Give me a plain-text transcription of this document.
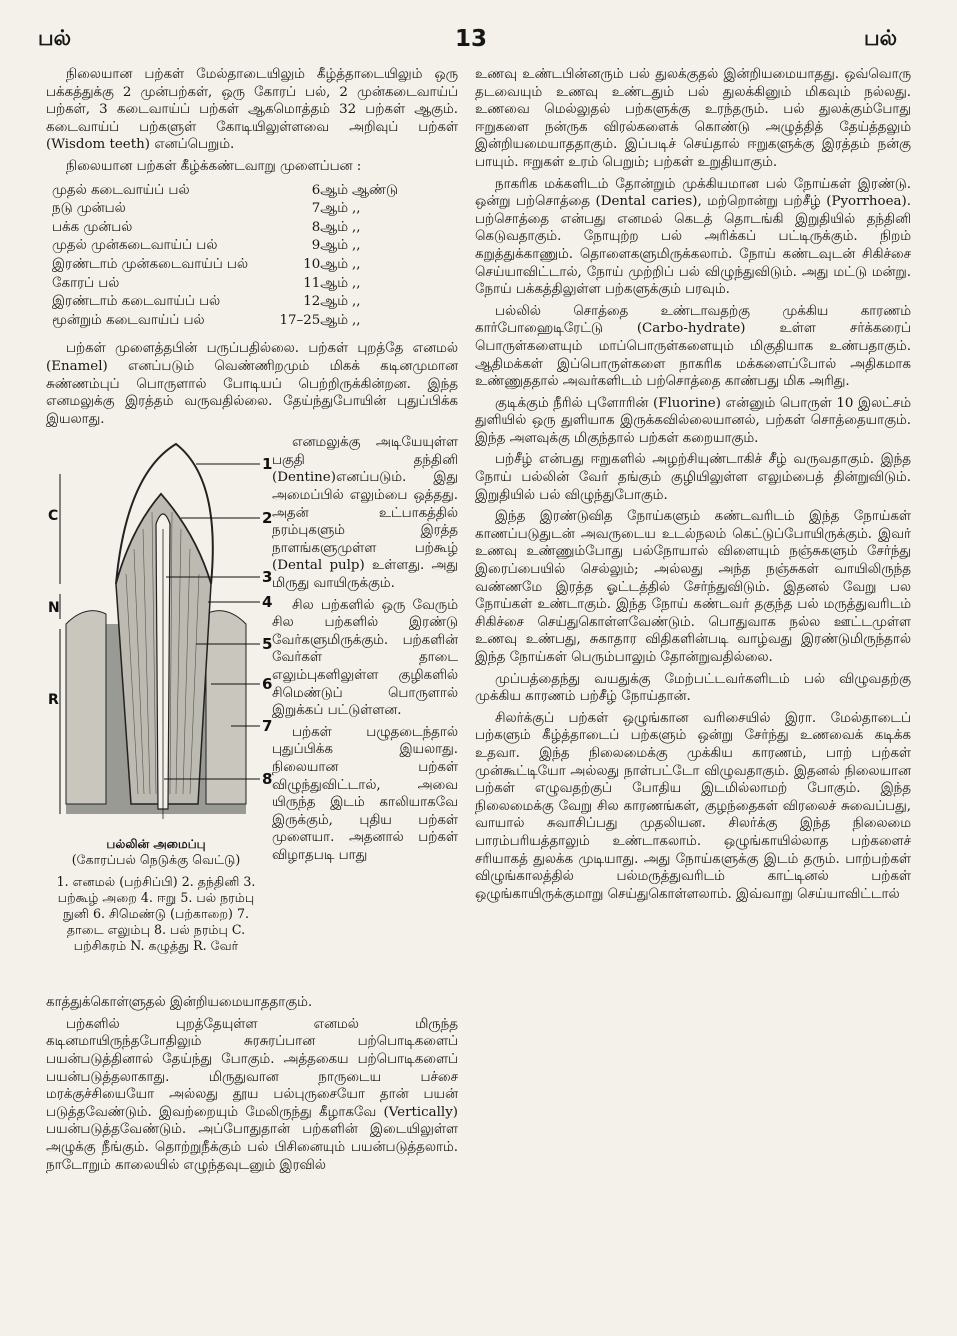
பல்	13	பல்

நிலையான பற்கள் மேல்தாடையிலும் கீழ்த்தாடையிலும் ஒரு பக்கத்துக்கு 2 முன்பற்கள், ஒரு கோரப் பல், 2 முன்கடைவாய்ப் பற்கள், 3 கடைவாய்ப் பற்கள் ஆகமொத்தம் 32 பற்கள் ஆகும். கடைவாய்ப் பற்களுள் கோடியிலுள்ளவை அறிவுப் பற்கள் (Wisdom teeth) எனப்பெறும்.

நிலையான பற்கள் கீழ்க்கண்டவாறு முளைப்பன :

முதல் கடைவாய்ப் பல்	6ஆம்	ஆண்டு
நடு முன்பல்	7ஆம்	,,
பக்க முன்பல்	8ஆம்	,,
முதல் முன்கடைவாய்ப் பல்	9ஆம்	,,
இரண்டாம் முன்கடைவாய்ப் பல்	10ஆம்	,,
கோரப் பல்	11ஆம்	,,
இரண்டாம் கடைவாய்ப் பல்	12ஆம்	,,
மூன்றும் கடைவாய்ப் பல்	17–25ஆம்	,,

பற்கள் முளைத்தபின் பருப்பதில்லை. பற்கள் புறத்தே எனமல் (Enamel) எனப்படும் வெண்ணிறமும் மிகக் கடினமுமான சுண்ணம்புப் பொருளால் போடியப் பெற்றிருக்கின்றன. இந்த எனமலுக்கு இரத்தம் வருவதில்லை. தேய்ந்துபோயின் புதுப்பிக்க இயலாது.

1
2
3
4
5
6
7
8
C
N
R

எனமலுக்கு அடியேயுள்ள பகுதி தந்தினி (Dentine)எனப்படும். இது அமைப்பில் எலும்பை ஒத்தது. அதன் உட்பாகத்தில் நரம்புகளும் இரத்த நாளங்களுமுள்ள பற்கூழ் (Dental pulp) உள்ளது. அது மிருது வாயிருக்கும்.

சில பற்களில் ஒரு வேரும் சில பற்களில் இரண்டு வேர்களுமிருக்கும். பற்களின் வேர்கள் தாடை எலும்புகளிலுள்ள குழிகளில் சிமெண்டுப் பொருளால் இறுக்கப் பட்டுள்ளன.

பற்கள் பழுதடைந்தால் புதுப்பிக்க இயலாது. நிலையான பற்கள் விழுந்துவிட்டால், அவை யிருந்த இடம் காலியாகவே இருக்கும், புதிய பற்கள் முளையா. அதனால் பற்கள் விழாதபடி பாது

பல்லின் அமைப்பு
(கோரப்பல் நெடுக்கு வெட்டு)
1. எனமல் (பற்சிப்பி) 2. தந்தினி 3. பற்கூழ் அறை 4. ஈறு 5. பல் நரம்பு நுனி 6. சிமெண்டு (பற்காறை) 7. தாடை எலும்பு 8. பல் நரம்பு C. பற்சிகரம் N. கழுத்து R. வேர்

காத்துக்கொள்ளுதல் இன்றியமையாததாகும்.

பற்களில் புறத்தேயுள்ள எனமல் மிருந்த கடினமாயிருந்தபோதிலும் சுரசுரப்பான பற்பொடிகளைப் பயன்படுத்தினால் தேய்ந்து போகும். அத்தகைய பற்பொடிகளைப் பயன்படுத்தலாகாது. மிருதுவான நாருடைய பச்சை மரக்குச்சியையோ அல்லது தூய பல்புருசையோ தான் பயன் படுத்தவேண்டும். இவற்றையும் மேலிருந்து கீழாகவே (Vertically) பயன்படுத்தவேண்டும். அப்போதுதான் பற்களின் இடையிலுள்ள அழுக்கு நீங்கும். தொற்றுநீக்கும் பல் பிசினையும் பயன்படுத்தலாம். நாடோறும் காலையில் எழுந்தவுடனும் இரவில்

உணவு உண்டபின்னரும் பல் துலக்குதல் இன்றியமையாதது. ஒவ்வொரு தடவையும் உணவு உண்டதும் பல் துலக்கினும் மிகவும் நல்லது. உணவை மெல்லுதல் பற்களுக்கு உரந்தரும். பல் துலக்கும்போது ஈறுகளை நன்ருக விரல்களைக் கொண்டு அழுத்தித் தேய்த்தலும் இன்றியமையாததாகும். இப்படிச் செய்தால் ஈறுகளுக்கு இரத்தம் நன்கு பாயும். ஈறுகள் உரம் பெறும்; பற்கள் உறுதியாகும்.

நாகரிக மக்களிடம் தோன்றும் முக்கியமான பல் நோய்கள் இரண்டு. ஒன்று பற்சொத்தை (Dental caries), மற்றொன்று பற்சீழ் (Pyorrhoea). பற்சொத்தை என்பது எனமல் கெடத் தொடங்கி இறுதியில் தந்தினி கெடுவதாகும். நோயுற்ற பல் அரிக்கப் பட்டிருக்கும். நிறம் கறுத்துக்காணும். தொளைகளுமிருக்கலாம். நோய் கண்டவுடன் சிகிச்சை செய்யாவிட்டால், நோய் முற்றிப் பல் விழுந்துவிடும். அது மட்டு மன்று. நோய் பக்கத்திலுள்ள பற்களுக்கும் பரவும்.

பல்லில் சொத்தை உண்டாவதற்கு முக்கிய காரணம் கார்போஹைடிரேட்டு (Carbo-hydrate) உள்ள சர்க்கரைப் பொருள்களையும் மாப்பொருள்களையும் மிகுதியாக உண்பதாகும். ஆதிமக்கள் இப்பொருள்களை நாகரிக மக்களைப்போல் அதிகமாக உண்ணுததால் அவர்களிடம் பற்சொத்தை காண்பது மிக அரிது.

குடிக்கும் நீரில் புளோரின் (Fluorine) என்னும் பொருள் 10 இலட்சம் துளியில் ஒரு துளியாக இருக்கவில்லையானல், பற்கள் சொத்தையாகும். இந்த அளவுக்கு மிகுந்தால் பற்கள் கறையாகும்.

பற்சீழ் என்பது ஈறுகளில் அழற்சியுண்டாகிச் சீழ் வருவதாகும். இந்த நோய் பல்லின் வேர் தங்கும் குழியிலுள்ள எலும்பைத் தின்றுவிடும். இறுதியில் பல் விழுந்துபோகும்.

இந்த இரண்டுவித நோய்களும் கண்டவரிடம் இந்த நோய்கள் காணப்படுதுடன் அவருடைய உடல்நலம் கெட்டுப்போயிருக்கும். இவர் உணவு உண்ணும்போது பல்நோயால் விளையும் நஞ்சுகளும் சேர்ந்து இரைப்பையில் செல்லும்; அல்லது அந்த நஞ்சுகள் வாயிலிருந்த வண்ணமே இரத்த ஓட்டத்தில் சேர்ந்துவிடும். இதனல் வேறு பல நோய்கள் உண்டாகும். இந்த நோய் கண்டவர் தகுந்த பல் மருத்துவரிடம் சிகிச்சை செய்துகொள்ளவேண்டும். பொதுவாக நல்ல ஊட்டமுள்ள உணவு உண்பது, சுகாதார விதிகளின்படி வாழ்வது இரண்டுமிருந்தால் இந்த நோய்கள் பெரும்பாலும் தோன்றுவதில்லை.

முப்பத்தைந்து வயதுக்கு மேற்பட்டவர்களிடம் பல் விழுவதற்கு முக்கிய காரணம் பற்சீழ் நோய்தான்.

சிலர்க்குப் பற்கள் ஒழுங்கான வரிசையில் இரா. மேல்தாடைப் பற்களும் கீழ்த்தாடைப் பற்களும் ஒன்று சேர்ந்து உணவைக் கடிக்க உதவா. இந்த நிலைமைக்கு முக்கிய காரணம், பாற் பற்கள் முன்கூட்டியோ அல்லது நாள்பட்டோ விழுவதாகும். இதனல் நிலையான பற்கள் எழுவதற்குப் போதிய இடமில்லாமற் போகும். இந்த நிலைமைக்கு வேறு சில காரணங்கள், குழந்தைகள் விரலைச் சுவைப்பது, வாயால் சுவாசிப்பது முதலியன. சிலர்க்கு இந்த நிலைமை பாரம்பரியத்தாலும் உண்டாகலாம். ஒழுங்காயில்லாத பற்களைச் சரியாகத் துலக்க முடியாது. அது நோய்களுக்கு இடம் தரும். பாற்பற்கள் விழுங்காலத்தில் பல்மருத்துவரிடம் காட்டினல் பற்கள் ஒழுங்காயிருக்குமாறு செய்துகொள்ளலாம். இவ்வாறு செய்யாவிட்டால்
